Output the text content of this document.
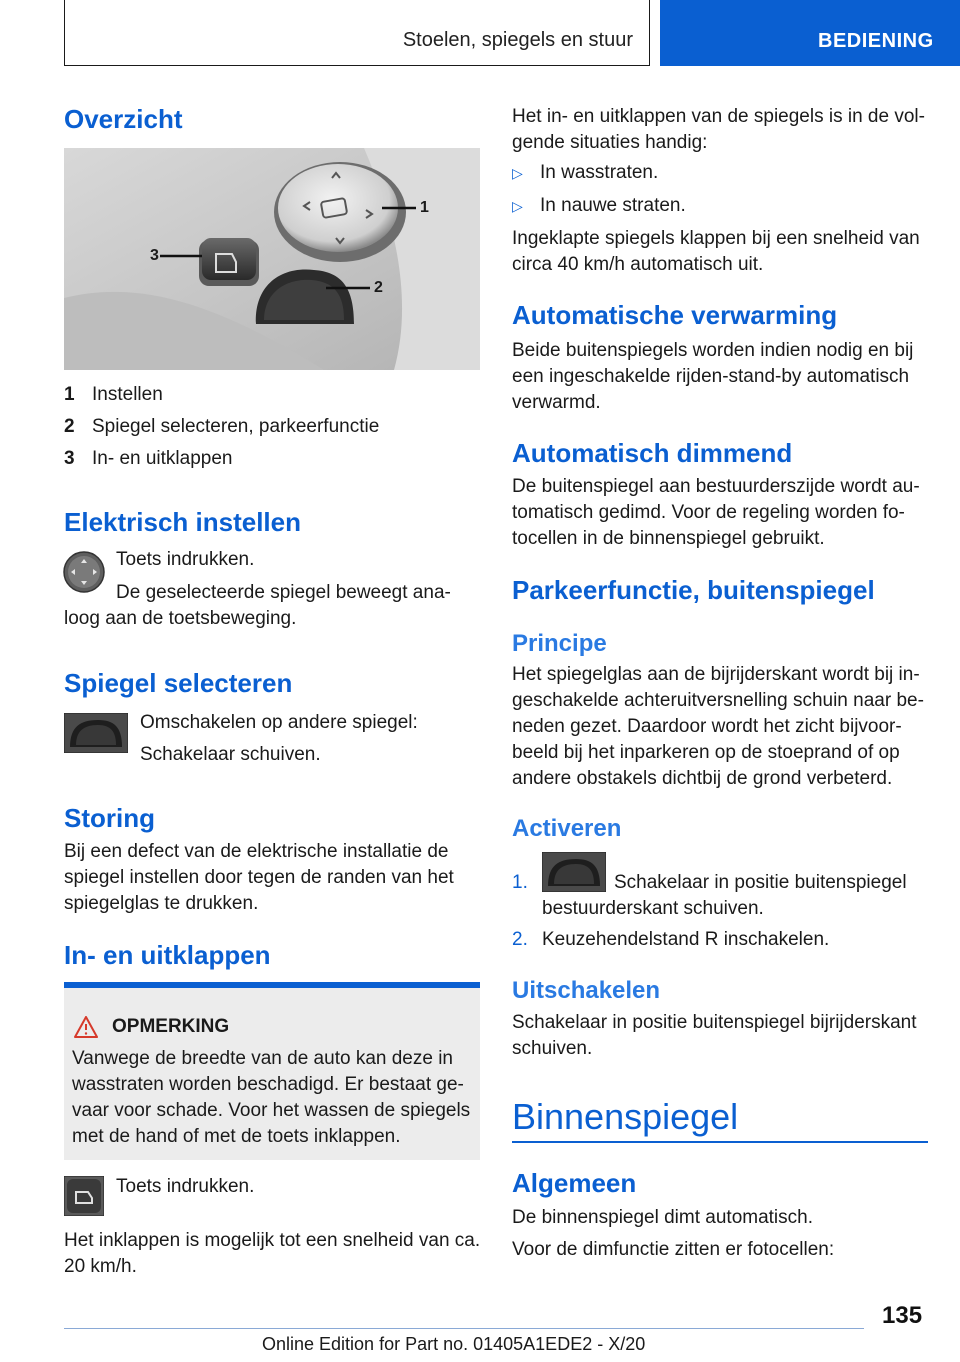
Stoelen, spiegels en stuur	BEDIENING
Overzicht
1
3
2
1 Instellen
2 Spiegel selecteren, parkeerfunctie
3 In- en uitklappen
Elektrisch instellen
Toets indrukken.
De geselecteerde spiegel beweegt ana-
loog aan de toetsbeweging.
Spiegel selecteren
Omschakelen op andere spiegel:
Schakelaar schuiven.
Storing

Bij een defect van de elektrische installatie de spiegel instellen door tegen de randen van het spiegelglas te drukken.

In- en uitklappen
OPMERKING

Vanwege de breedte van de auto kan deze in wasstraten worden beschadigd. Er bestaat ge- vaar voor schade. Voor het wassen de spiegels met de hand of met de toets inklappen.

Toets indrukken.

Het inklappen is mogelijk tot een snelheid van ca. 20 km/h.

Het in- en uitklappen van de spiegels is in de vol- gende situaties handig:

▷ In wasstraten.
▷ In nauwe straten.

Ingeklapte spiegels klappen bij een snelheid van circa 40 km/h automatisch uit.

Automatische verwarming

Beide buitenspiegels worden indien nodig en bij een ingeschakelde rijden-stand-by automatisch verwarmd.

Automatisch dimmend

De buitenspiegel aan bestuurderszijde wordt au- tomatisch gedimd. Voor de regeling worden fo- tocellen in de binnenspiegel gebruikt.

Parkeerfunctie, buitenspiegel
Principe

Het spiegelglas aan de bijrijderskant wordt bij in- geschakelde achteruitversnelling schuin naar be- neden gezet. Daardoor wordt het zicht bijvoor- beeld bij het inparkeren op de stoeprand of op andere obstakels dichtbij de grond verbeterd.

Activeren
1.	Schakelaar in positie buitenspiegel bestuurderskant schuiven.

2. Keuzehendelstand R inschakelen.
Uitschakelen

Schakelaar in positie buitenspiegel bijrijderskant schuiven.

Binnenspiegel
Algemeen
De binnenspiegel dimt automatisch.
Voor de dimfunctie zitten er fotocellen:
135
Online Edition for Part no. 01405A1EDE2 - X/20
